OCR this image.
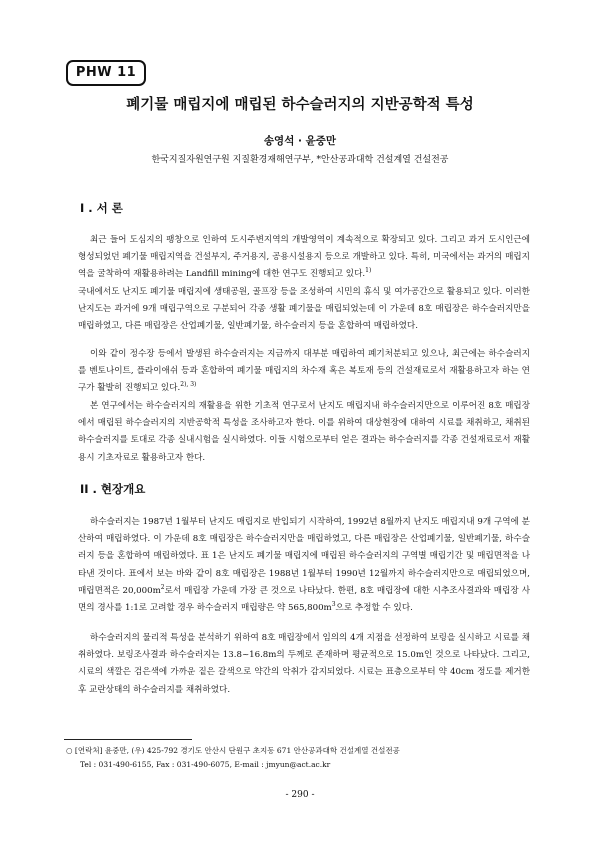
PHW 11
폐기물 매립지에 매립된 하수슬러지의 지반공학적 특성
송영석 · 윤중만
한국지질자원연구원 지질환경재해연구부, *안산공과대학 건설계열 건설전공
I . 서 론

최근 들어 도심지의 팽창으로 인하여 도시주변지역의 개발영역이 계속적으로 확장되고 있다. 그리고 과거 도시인근에 형성되었던 폐기물 매립지역을 건설부지, 주거용지, 공용시설용지 등으로 개발하고 있다. 특히, 미국에서는 과거의 매립지역을 굴착하여 재활용하려는 Landfill mining에 대한 연구도 진행되고 있다.$^{1)}$

국내에서도 난지도 폐기물 매립지에 생태공원, 골프장 등을 조성하여 시민의 휴식 및 여가공간으로 활용되고 있다. 이러한 난지도는 과거에 9개 매립구역으로 구분되어 각종 생활 폐기물을 매립되었는데 이 가운데 8호 매립장은 하수슬러지만을 매립하였고, 다른 매립장은 산업폐기물, 일반폐기물, 하수슬러지 등을 혼합하여 매립하였다.

이와 같이 정수장 등에서 발생된 하수슬러지는 지금까지 대부분 매립하여 폐기처분되고 있으나, 최근에는 하수슬러지를 벤토나이트, 플라이애쉬 등과 혼합하여 폐기물 매립지의 차수재 혹은 복토재 등의 건설재료로서 재활용하고자 하는 연구가 활발히 진행되고 있다.$^{2), 3)}$

본 연구에서는 하수슬러지의 재활용을 위한 기초적 연구로서 난지도 매립지내 하수슬러지만으로 이루어진 8호 매립장에서 매립된 하수슬러지의 지반공학적 특성을 조사하고자 한다. 이를 위하여 대상현장에 대하여 시료를 채취하고, 채취된 하수슬러지를 토대로 각종 실내시험을 실시하였다. 이들 시험으로부터 얻은 결과는 하수슬러지를 각종 건설재료로서 재활용시 기초자료로 활용하고자 한다.

II . 현장개요

하수슬러지는 1987년 1월부터 난지도 매립지로 반입되기 시작하여, 1992년 8월까지 난지도 매립지내 9개 구역에 분산하여 매립하였다. 이 가운데 8호 매립장은 하수슬러지만을 매립하였고, 다른 매립장은 산업폐기물, 일반폐기물, 하수슬러지 등을 혼합하여 매립하였다. 표 1은 난지도 폐기물 매립지에 매립된 하수슬러지의 구역별 매립기간 및 매립면적을 나타낸 것이다. 표에서 보는 바와 같이 8호 매립장은 1988년 1월부터 1990년 12월까지 하수슬러지만으로 매립되었으며, 매립면적은 $20,000m^2$로서 매립장 가운데 가장 큰 것으로 나타났다. 한편, 8호 매립장에 대한 시추조사결과와 매립장 사면의 경사를 1:1로 고려할 경우 하수슬러지 매립량은 약 $565,800m^3$으로 추정할 수 있다.

하수슬러지의 물리적 특성을 분석하기 위하여 8호 매립장에서 임의의 4개 지점을 선정하여 보링을 실시하고 시료를 채취하였다. 보링조사결과 하수슬러지는 13.8~16.8m의 두께로 존재하며 평균적으로 15.0m인 것으로 나타났다. 그리고, 시료의 색깔은 검은색에 가까운 짙은 갈색으로 약간의 악취가 감지되었다. 시료는 표층으로부터 약 40cm 정도를 제거한 후 교란상태의 하수슬러지를 채취하였다.

○ [연락처] 윤중만, (우) 425-792 경기도 안산시 단원구 초지동 671 안산공과대학 건설계열 건설전공
Tel : 031-490-6155, Fax : 031-490-6075, E-mail : jmyun@act.ac.kr
- 290 -
